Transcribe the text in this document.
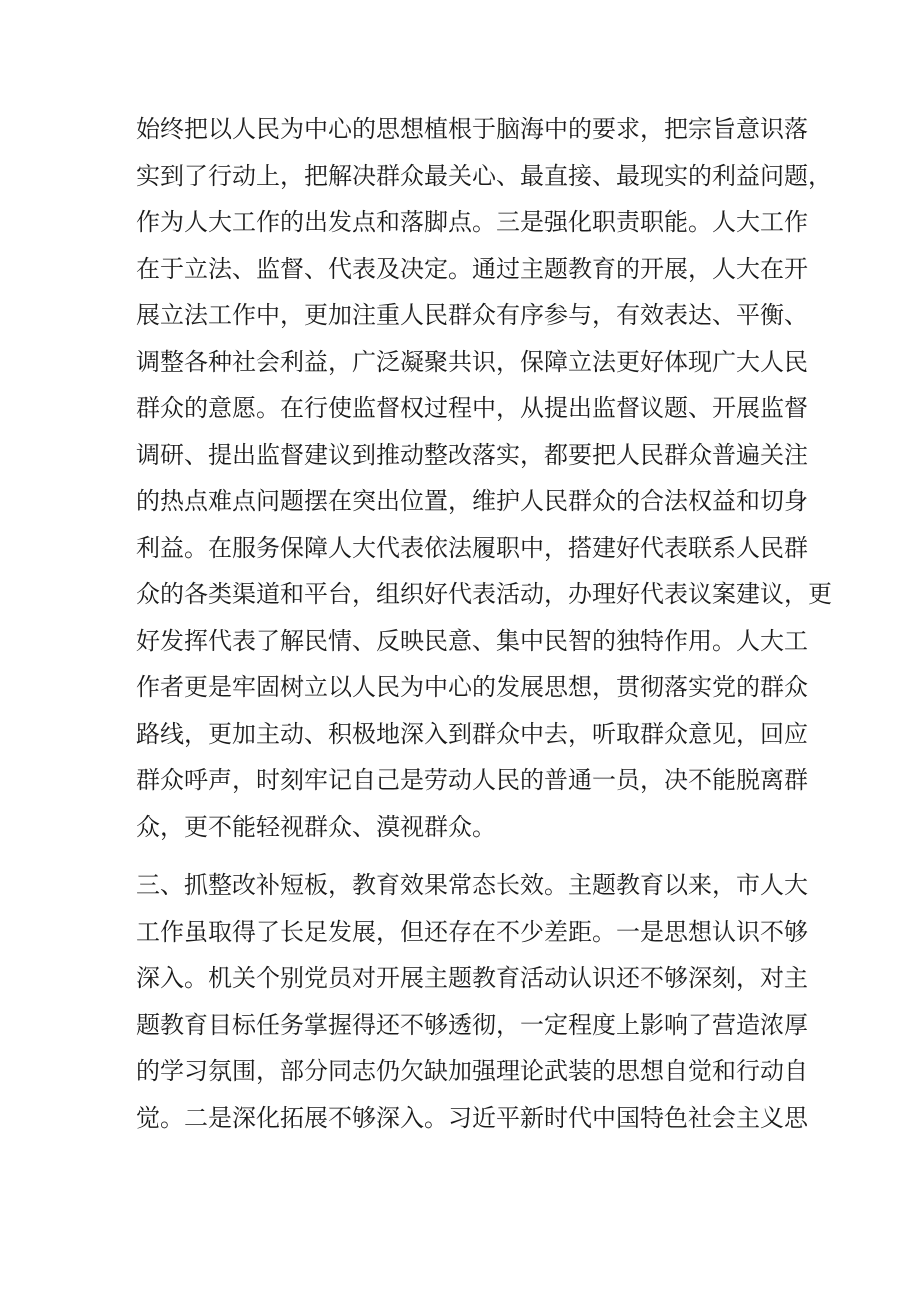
始终把以人民为中心的思想植根于脑海中的要求，把宗旨意识落
实到了行动上，把解决群众最关心、最直接、最现实的利益问题，
作为人大工作的出发点和落脚点。三是强化职责职能。人大工作
在于立法、监督、代表及决定。通过主题教育的开展，人大在开
展立法工作中，更加注重人民群众有序参与，有效表达、平衡、
调整各种社会利益，广泛凝聚共识，保障立法更好体现广大人民
群众的意愿。在行使监督权过程中，从提出监督议题、开展监督
调研、提出监督建议到推动整改落实，都要把人民群众普遍关注
的热点难点问题摆在突出位置，维护人民群众的合法权益和切身
利益。在服务保障人大代表依法履职中，搭建好代表联系人民群
众的各类渠道和平台，组织好代表活动，办理好代表议案建议，更
好发挥代表了解民情、反映民意、集中民智的独特作用。人大工
作者更是牢固树立以人民为中心的发展思想，贯彻落实党的群众
路线，更加主动、积极地深入到群众中去，听取群众意见，回应
群众呼声，时刻牢记自己是劳动人民的普通一员，决不能脱离群
众，更不能轻视群众、漠视群众。
三、抓整改补短板，教育效果常态长效。主题教育以来，市人大
工作虽取得了长足发展，但还存在不少差距。一是思想认识不够
深入。机关个别党员对开展主题教育活动认识还不够深刻，对主
题教育目标任务掌握得还不够透彻，一定程度上影响了营造浓厚
的学习氛围，部分同志仍欠缺加强理论武装的思想自觉和行动自
觉。二是深化拓展不够深入。习近平新时代中国特色社会主义思
